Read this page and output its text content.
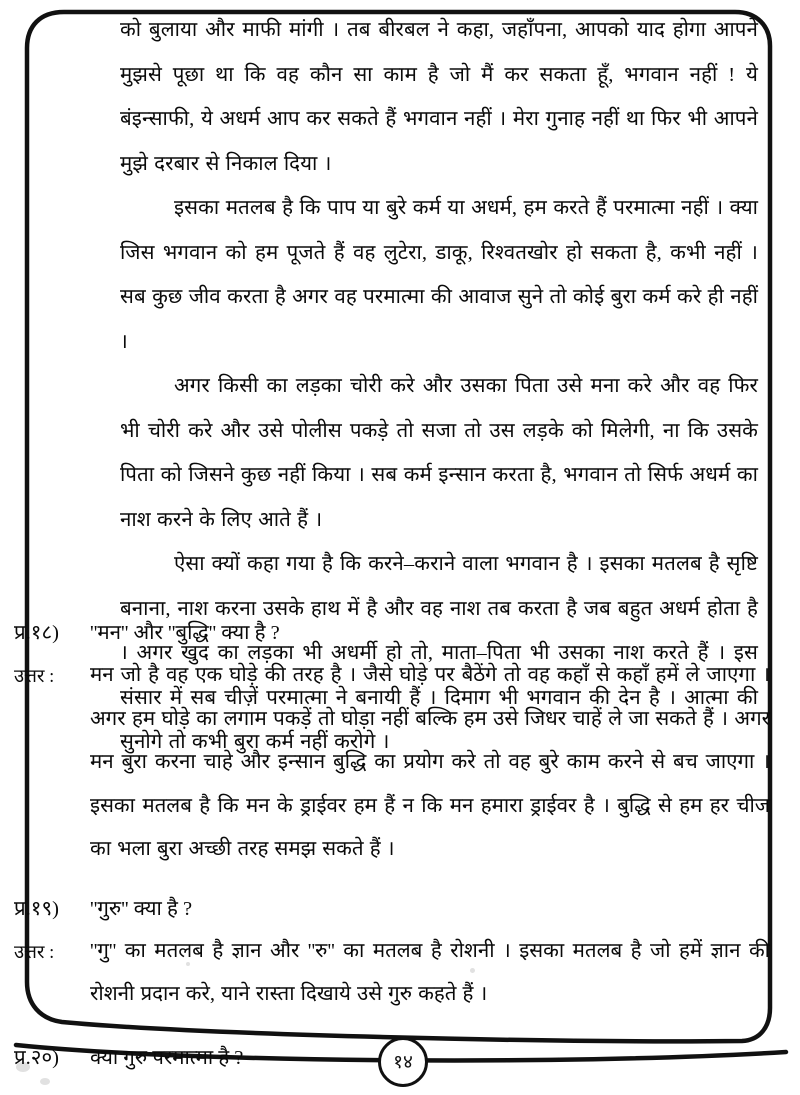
को बुलाया और माफी मांगी । तब बीरबल ने कहा, जहाँपना, आपको याद होगा आपने मुझसे पूछा था कि वह कौन सा काम है जो मैं कर सकता हूँ, भगवान नहीं ! ये बंइन्साफी, ये अधर्म आप कर सकते हैं भगवान नहीं । मेरा गुनाह नहीं था फिर भी आपने मुझे दरबार से निकाल दिया ।

इसका मतलब है कि पाप या बुरे कर्म या अधर्म, हम करते हैं परमात्मा नहीं । क्या जिस भगवान को हम पूजते हैं वह लुटेरा, डाकू, रिश्वतखोर हो सकता है, कभी नहीं । सब कुछ जीव करता है अगर वह परमात्मा की आवाज सुने तो कोई बुरा कर्म करे ही नहीं ।

अगर किसी का लड़का चोरी करे और उसका पिता उसे मना करे और वह फिर भी चोरी करे और उसे पोलीस पकड़े तो सजा तो उस लड़के को मिलेगी, ना कि उसके पिता को जिसने कुछ नहीं किया । सब कर्म इन्सान करता है, भगवान तो सिर्फ अधर्म का नाश करने के लिए आते हैं ।

ऐसा क्यों कहा गया है कि करने–कराने वाला भगवान है । इसका मतलब है सृष्टि बनाना, नाश करना उसके हाथ में है और वह नाश तब करता है जब बहुत अधर्म होता है । अगर खुद का लड़का भी अधर्मी हो तो, माता–पिता भी उसका नाश करते हैं । इस संसार में सब चीज़ें परमात्मा ने बनायी हैं । दिमाग भी भगवान की देन है । आत्मा की सुनोगे तो कभी बुरा कर्म नहीं करोगे ।

प्र.१८)	''मन'' और ''बुद्धि'' क्या है ?
उत्तर :	मन जो है वह एक घोड़े की तरह है । जैसे घोड़े पर बैठेंगे तो वह कहाँ से कहाँ हमें ले जाएगा । अगर हम घोड़े का लगाम पकड़ें तो घोड़ा नहीं बल्कि हम उसे जिधर चाहें ले जा सकते हैं । अगर मन बुरा करना चाहे और इन्सान बुद्धि का प्रयोग करे तो वह बुरे काम करने से बच जाएगा । इसका मतलब है कि मन के ड्राईवर हम हैं न कि मन हमारा ड्राईवर है । बुद्धि से हम हर चीज का भला बुरा अच्छी तरह समझ सकते हैं ।
प्र.१९)	''गुरु'' क्या है ?
उत्तर :	''गु'' का मतलब है ज्ञान और ''रु'' का मतलब है रोशनी । इसका मतलब है जो हमें ज्ञान की रोशनी प्रदान करे, याने रास्ता दिखाये उसे गुरु कहते हैं ।
प्र.२०)	क्या गुरु परमात्मा है ?	१४
